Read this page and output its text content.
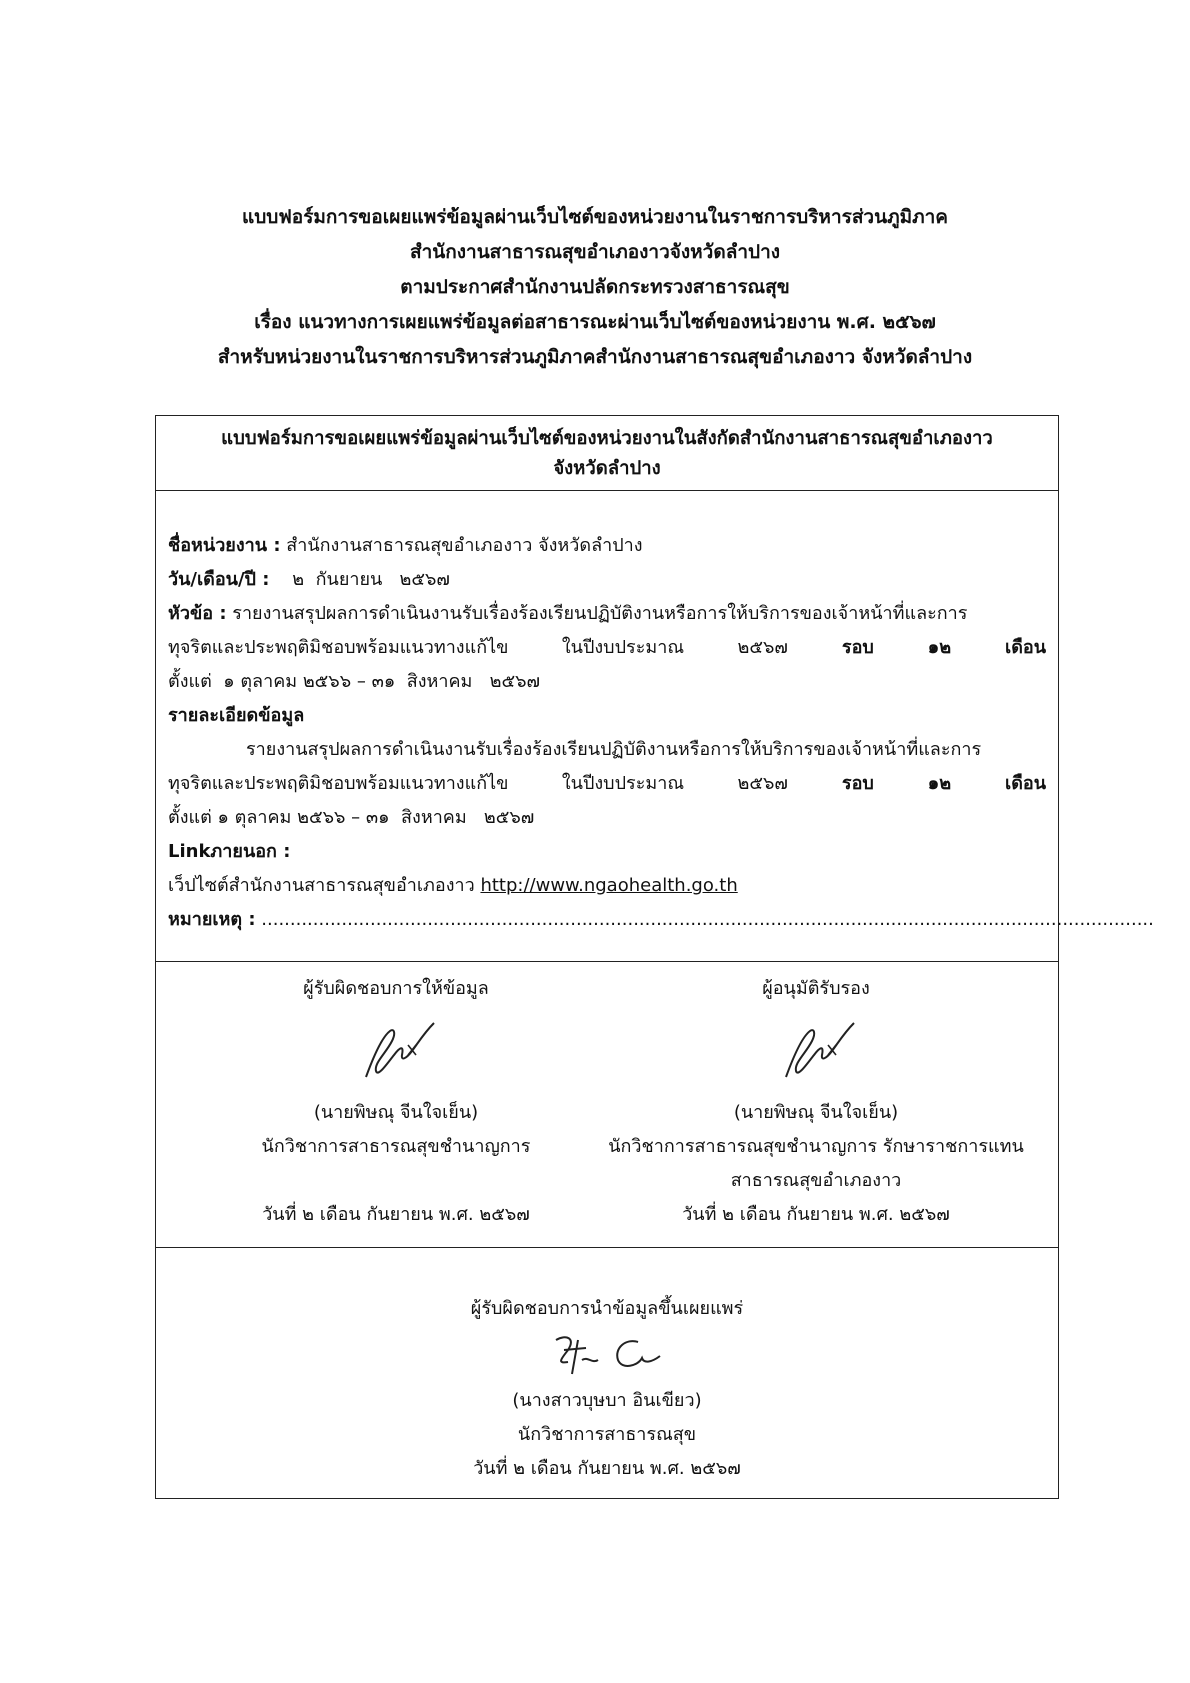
แบบฟอร์มการขอเผยแพร่ข้อมูลผ่านเว็บไซต์ของหน่วยงานในราชการบริหารส่วนภูมิภาค
สำนักงานสาธารณสุขอำเภองาวจังหวัดลำปาง
ตามประกาศสำนักงานปลัดกระทรวงสาธารณสุข
เรื่อง แนวทางการเผยแพร่ข้อมูลต่อสาธารณะผ่านเว็บไซต์ของหน่วยงาน พ.ศ. ๒๕๖๗
สำหรับหน่วยงานในราชการบริหารส่วนภูมิภาคสำนักงานสาธารณสุขอำเภองาว จังหวัดลำปาง
แบบฟอร์มการขอเผยแพร่ข้อมูลผ่านเว็บไซต์ของหน่วยงานในสังกัดสำนักงานสาธารณสุขอำเภองาว
จังหวัดลำปาง
ชื่อหน่วยงาน : สำนักงานสาธารณสุขอำเภองาว จังหวัดลำปาง
วัน/เดือน/ปี :    ๒  กันยายน   ๒๕๖๗
หัวข้อ : รายงานสรุปผลการดำเนินงานรับเรื่องร้องเรียนปฏิบัติงานหรือการให้บริการของเจ้าหน้าที่และการ
ทุจริตและประพฤติมิชอบพร้อมแนวทางแก้ไข ในปีงบประมาณ ๒๕๖๗ รอบ ๑๒ เดือน
ตั้งแต่  ๑ ตุลาคม ๒๕๖๖ – ๓๑  สิงหาคม   ๒๕๖๗
รายละเอียดข้อมูล
รายงานสรุปผลการดำเนินงานรับเรื่องร้องเรียนปฏิบัติงานหรือการให้บริการของเจ้าหน้าที่และการ
ทุจริตและประพฤติมิชอบพร้อมแนวทางแก้ไข ในปีงบประมาณ ๒๕๖๗ รอบ ๑๒ เดือน
ตั้งแต่ ๑ ตุลาคม ๒๕๖๖ – ๓๑  สิงหาคม   ๒๕๖๗
Linkภายนอก :
เว็ปไซต์สำนักงานสาธารณสุขอำเภองาว http://www.ngaohealth.go.th
หมายเหตุ : ............................................................................................................................................................
ผู้รับผิดชอบการให้ข้อมูล
(นายพิษณุ จีนใจเย็น)
นักวิชาการสาธารณสุขชำนาญการ
วันที่ ๒ เดือน กันยายน พ.ศ. ๒๕๖๗
ผู้อนุมัติรับรอง
(นายพิษณุ จีนใจเย็น)
นักวิชาการสาธารณสุขชำนาญการ รักษาราชการแทน
สาธารณสุขอำเภองาว
วันที่ ๒ เดือน กันยายน พ.ศ. ๒๕๖๗
ผู้รับผิดชอบการนำข้อมูลขึ้นเผยแพร่
(นางสาวบุษบา อินเขียว)
นักวิชาการสาธารณสุข
วันที่ ๒ เดือน กันยายน พ.ศ. ๒๕๖๗
